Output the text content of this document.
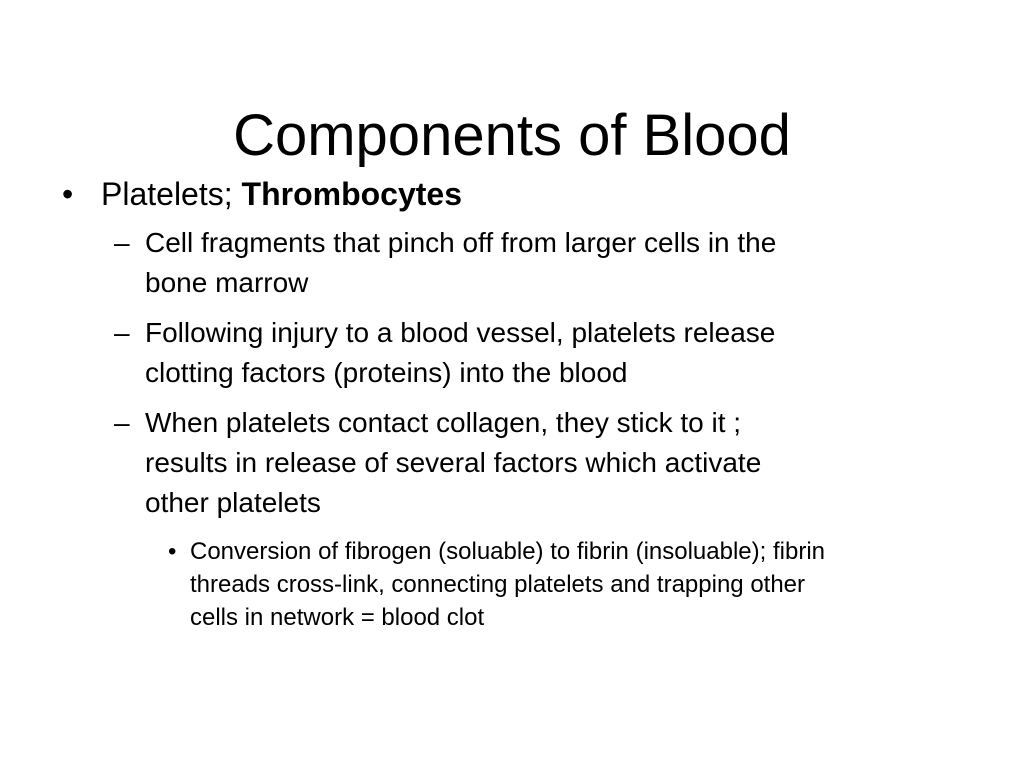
Components of Blood
• Platelets; Thrombocytes
– Cell fragments that pinch off from larger cells in the
bone marrow
– Following injury to a blood vessel, platelets release
clotting factors (proteins) into the blood
– When platelets contact collagen, they stick to it ;
results in release of several factors which activate
other platelets
• Conversion of fibrogen (soluable) to fibrin (insoluable); fibrin
threads cross-link, connecting platelets and trapping other
cells in network = blood clot
